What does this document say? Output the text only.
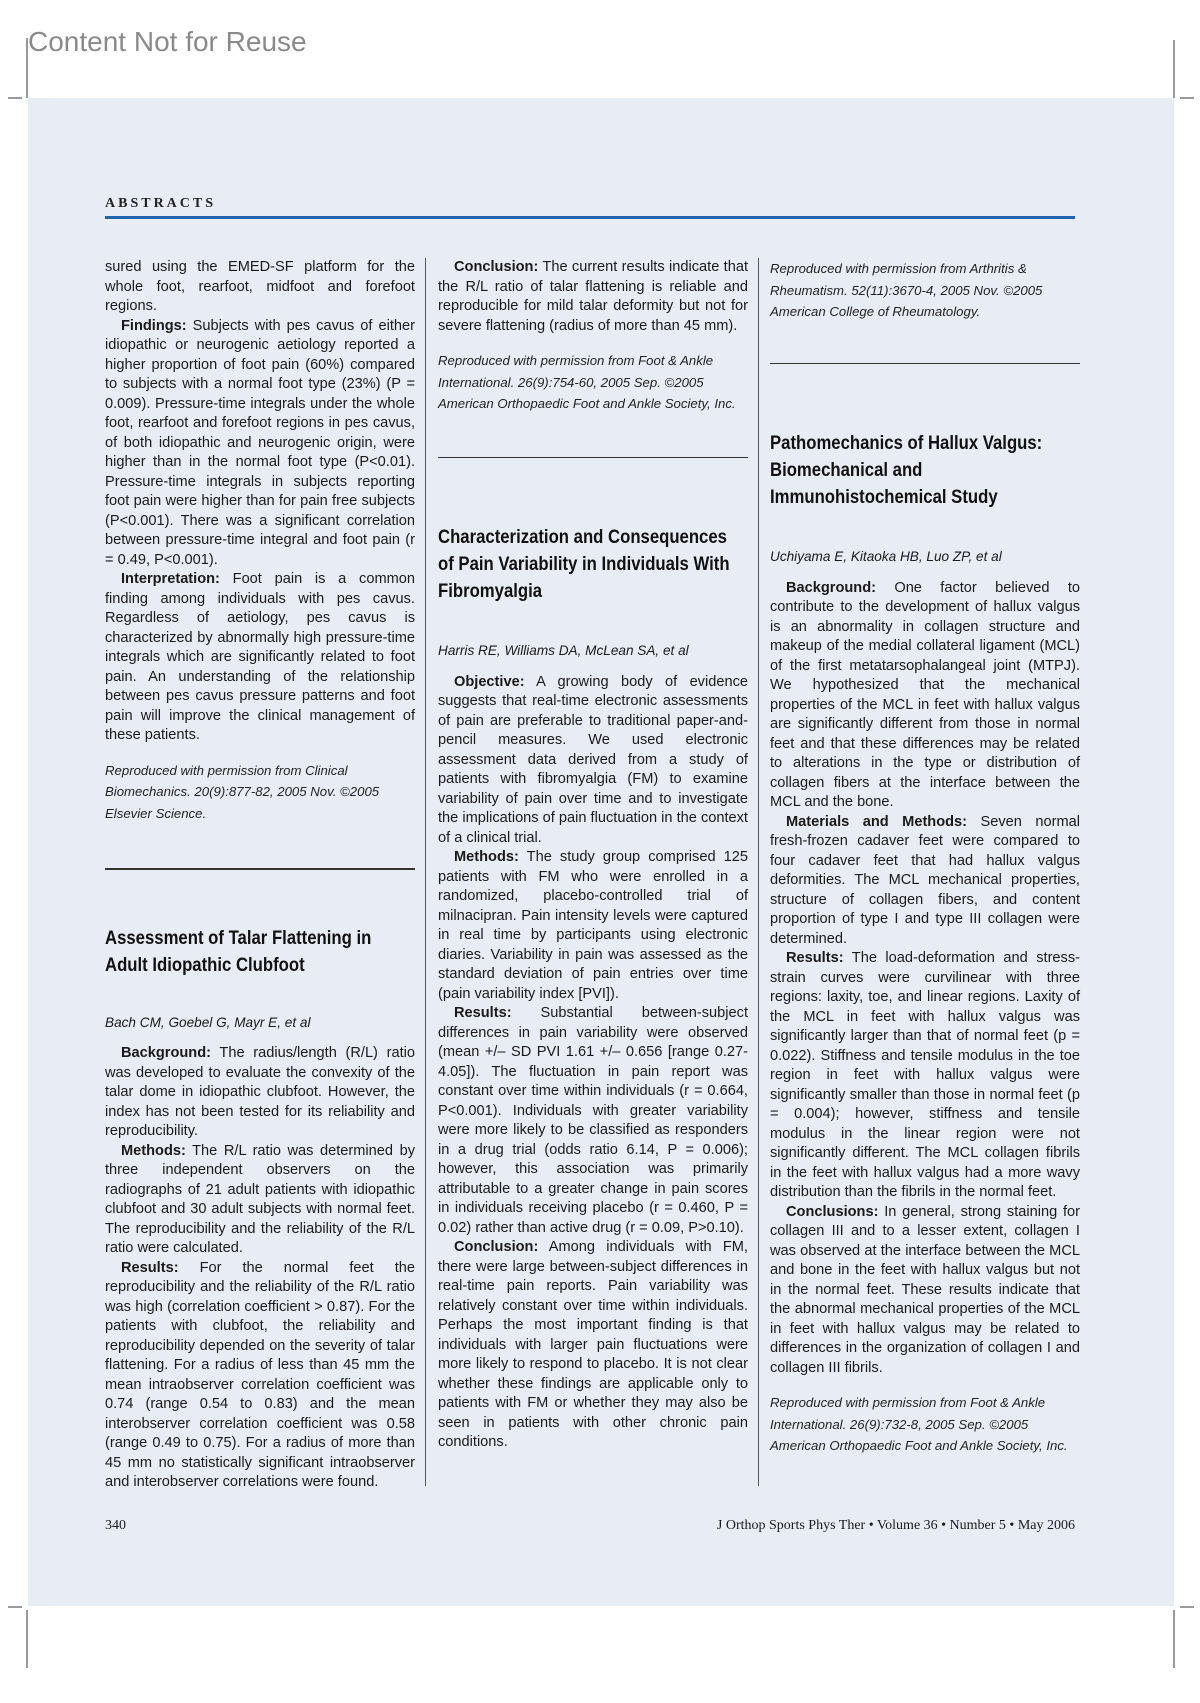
Content Not for Reuse
ABSTRACTS

sured using the EMED-SF platform for the whole foot, rearfoot, midfoot and forefoot regions.

Findings: Subjects with pes cavus of either idiopathic or neurogenic aetiology reported a higher proportion of foot pain (60%) compared to subjects with a normal foot type (23%) (P = 0.009). Pressure-time integrals under the whole foot, rearfoot and forefoot regions in pes cavus, of both idiopathic and neurogenic origin, were higher than in the normal foot type (P<0.01). Pressure-time integrals in subjects reporting foot pain were higher than for pain free subjects (P<0.001). There was a significant correlation between pressure-time integral and foot pain (r = 0.49, P<0.001).

Interpretation: Foot pain is a common finding among individuals with pes cavus. Regardless of aetiology, pes cavus is characterized by abnormally high pressure-time integrals which are significantly related to foot pain. An understanding of the relationship between pes cavus pressure patterns and foot pain will improve the clinical management of these patients.

Reproduced with permission from Clinical Biomechanics. 20(9):877-82, 2005 Nov. ©2005 Elsevier Science.

Assessment of Talar Flattening in Adult Idiopathic Clubfoot

Bach CM, Goebel G, Mayr E, et al

Background: The radius/length (R/L) ratio was developed to evaluate the convexity of the talar dome in idiopathic clubfoot. However, the index has not been tested for its reliability and reproducibility.

Methods: The R/L ratio was determined by three independent observers on the radiographs of 21 adult patients with idiopathic clubfoot and 30 adult subjects with normal feet. The reproducibility and the reliability of the R/L ratio were calculated.

Results: For the normal feet the reproducibility and the reliability of the R/L ratio was high (correlation coefficient > 0.87). For the patients with clubfoot, the reliability and reproducibility depended on the severity of talar flattening. For a radius of less than 45 mm the mean intraobserver correlation coefficient was 0.74 (range 0.54 to 0.83) and the mean interobserver correlation coefficient was 0.58 (range 0.49 to 0.75). For a radius of more than 45 mm no statistically significant intraobserver and interobserver correlations were found.

Conclusion: The current results indicate that the R/L ratio of talar flattening is reliable and reproducible for mild talar deformity but not for severe flattening (radius of more than 45 mm).

Reproduced with permission from Foot & Ankle International. 26(9):754-60, 2005 Sep. ©2005 American Orthopaedic Foot and Ankle Society, Inc.

Characterization and Consequences of Pain Variability in Individuals With Fibromyalgia

Harris RE, Williams DA, McLean SA, et al

Objective: A growing body of evidence suggests that real-time electronic assessments of pain are preferable to traditional paper-and-pencil measures. We used electronic assessment data derived from a study of patients with fibromyalgia (FM) to examine variability of pain over time and to investigate the implications of pain fluctuation in the context of a clinical trial.

Methods: The study group comprised 125 patients with FM who were enrolled in a randomized, placebo-controlled trial of milnacipran. Pain intensity levels were captured in real time by participants using electronic diaries. Variability in pain was assessed as the standard deviation of pain entries over time (pain variability index [PVI]).

Results: Substantial between-subject differences in pain variability were observed (mean +/– SD PVI 1.61 +/– 0.656 [range 0.27-4.05]). The fluctuation in pain report was constant over time within individuals (r = 0.664, P<0.001). Individuals with greater variability were more likely to be classified as responders in a drug trial (odds ratio 6.14, P = 0.006); however, this association was primarily attributable to a greater change in pain scores in individuals receiving placebo (r = 0.460, P = 0.02) rather than active drug (r = 0.09, P>0.10).

Conclusion: Among individuals with FM, there were large between-subject differences in real-time pain reports. Pain variability was relatively constant over time within individuals. Perhaps the most important finding is that individuals with larger pain fluctuations were more likely to respond to placebo. It is not clear whether these findings are applicable only to patients with FM or whether they may also be seen in patients with other chronic pain conditions.

Reproduced with permission from Arthritis & Rheumatism. 52(11):3670-4, 2005 Nov. ©2005 American College of Rheumatology.

Pathomechanics of Hallux Valgus: Biomechanical and Immunohistochemical Study

Uchiyama E, Kitaoka HB, Luo ZP, et al

Background: One factor believed to contribute to the development of hallux valgus is an abnormality in collagen structure and makeup of the medial collateral ligament (MCL) of the first metatarsophalangeal joint (MTPJ). We hypothesized that the mechanical properties of the MCL in feet with hallux valgus are significantly different from those in normal feet and that these differences may be related to alterations in the type or distribution of collagen fibers at the interface between the MCL and the bone.

Materials and Methods: Seven normal fresh-frozen cadaver feet were compared to four cadaver feet that had hallux valgus deformities. The MCL mechanical properties, structure of collagen fibers, and content proportion of type I and type III collagen were determined.

Results: The load-deformation and stress-strain curves were curvilinear with three regions: laxity, toe, and linear regions. Laxity of the MCL in feet with hallux valgus was significantly larger than that of normal feet (p = 0.022). Stiffness and tensile modulus in the toe region in feet with hallux valgus were significantly smaller than those in normal feet (p = 0.004); however, stiffness and tensile modulus in the linear region were not significantly different. The MCL collagen fibrils in the feet with hallux valgus had a more wavy distribution than the fibrils in the normal feet.

Conclusions: In general, strong staining for collagen III and to a lesser extent, collagen I was observed at the interface between the MCL and bone in the feet with hallux valgus but not in the normal feet. These results indicate that the abnormal mechanical properties of the MCL in feet with hallux valgus may be related to differences in the organization of collagen I and collagen III fibrils.

Reproduced with permission from Foot & Ankle International. 26(9):732-8, 2005 Sep. ©2005 American Orthopaedic Foot and Ankle Society, Inc.

340	J Orthop Sports Phys Ther • Volume 36 • Number 5 • May 2006
